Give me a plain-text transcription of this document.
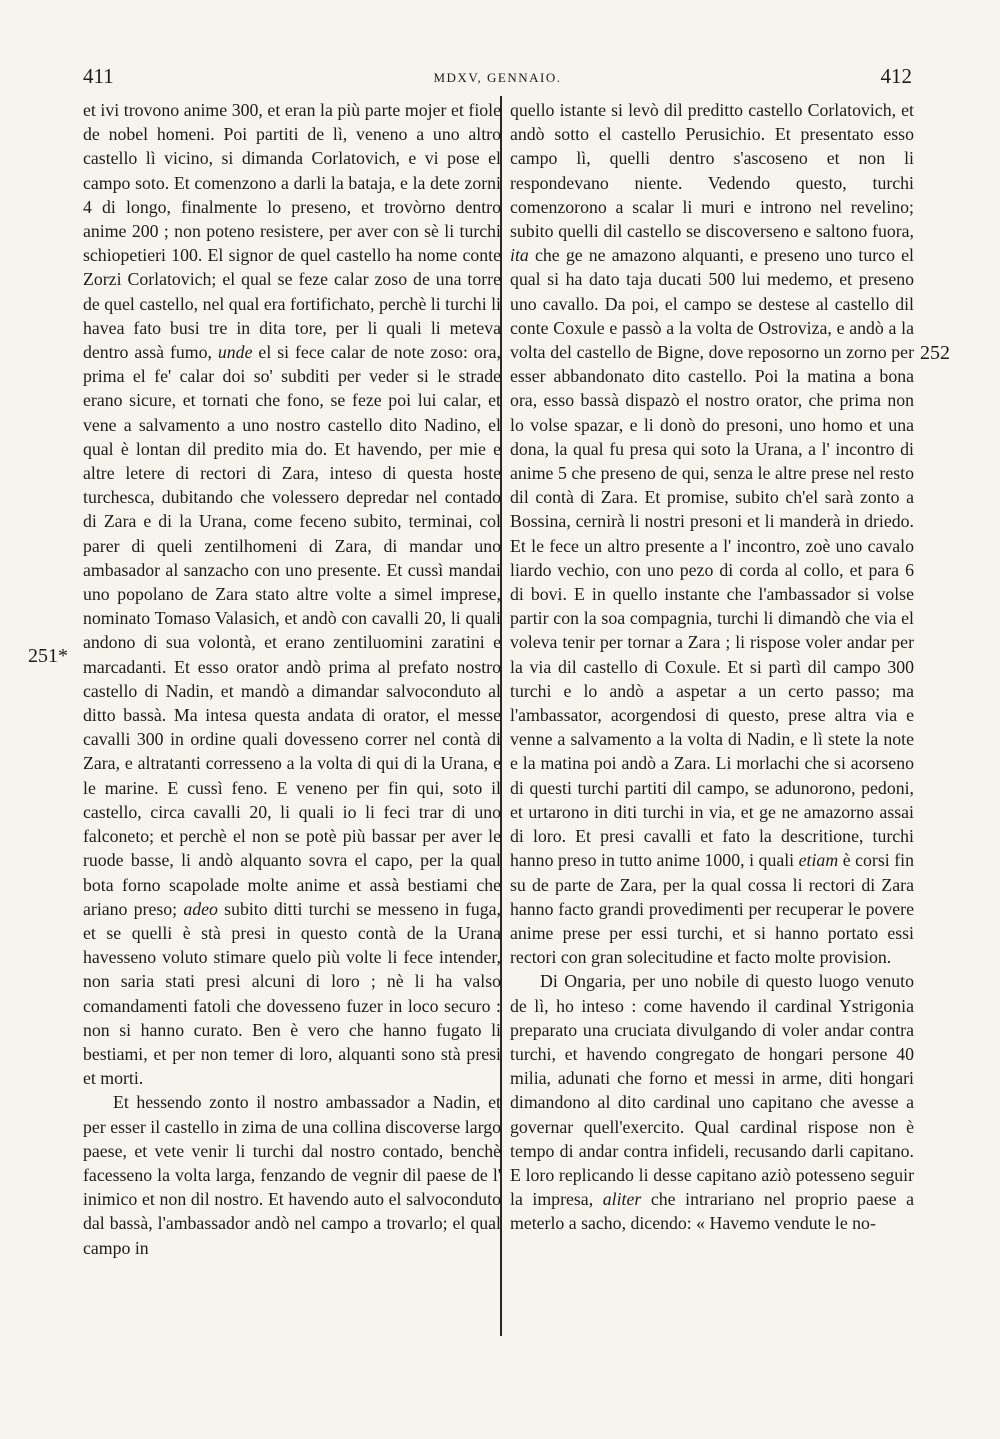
411	MDXV, GENNAIO.	412
251*
252

et ivi trovono anime 300, et eran la più parte mojer et fiole de nobel homeni. Poi partiti de lì, veneno a uno altro castello lì vicino, si dimanda Corlatovich, e vi pose el campo soto. Et comenzono a darli la bataja, e la dete zorni 4 di longo, finalmente lo preseno, et trovòrno dentro anime 200 ; non poteno resistere, per aver con sè li turchi schiopetieri 100. El signor de quel castello ha nome conte Zorzi Corlatovich; el qual se feze calar zoso de una torre de quel castello, nel qual era fortifichato, perchè li turchi li havea fato busi tre in dita tore, per li quali li meteva dentro assà fumo, unde el si fece calar de note zoso: ora, prima el fe' calar doi so' subditi per veder si le strade erano sicure, et tornati che fono, se feze poi lui calar, et vene a salvamento a uno nostro castello dito Nadino, el qual è lontan dil predito mia do. Et havendo, per mie e altre letere di rectori di Zara, inteso di questa hoste turchesca, dubitando che volessero depredar nel contado di Zara e di la Urana, come feceno subito, terminai, col parer di queli zentilhomeni di Zara, di mandar uno ambasador al sanzacho con uno presente. Et cussì mandai uno popolano de Zara stato altre volte a simel imprese, nominato Tomaso Valasich, et andò con cavalli 20, li quali andono di sua volontà, et erano zentiluomini zaratini e marcadanti. Et esso orator andò prima al prefato nostro castello di Nadin, et mandò a dimandar salvoconduto al ditto bassà. Ma intesa questa andata di orator, el messe cavalli 300 in ordine quali dovesseno correr nel contà di Zara, e altratanti corresseno a la volta di qui di la Urana, e le marine. E cussì feno. E veneno per fin qui, soto il castello, circa cavalli 20, li quali io li feci trar di uno falconeto; et perchè el non se potè più bassar per aver le ruode basse, li andò alquanto sovra el capo, per la qual bota forno scapolade molte anime et assà bestiami che ariano preso; adeo subito ditti turchi se messeno in fuga, et se quelli è stà presi in questo contà de la Urana havesseno voluto stimare quelo più volte li fece intender, non saria stati presi alcuni di loro ; nè li ha valso comandamenti fatoli che dovesseno fuzer in loco securo : non si hanno curato. Ben è vero che hanno fugato li bestiami, et per non temer di loro, alquanti sono stà presi et morti.

Et hessendo zonto il nostro ambassador a Nadin, et per esser il castello in zima de una collina discoverse largo paese, et vete venir li turchi dal nostro contado, benchè facesseno la volta larga, fenzando de vegnir dil paese de l' inimico et non dil nostro. Et havendo auto el salvoconduto dal bassà, l'ambassador andò nel campo a trovarlo; el qual campo in

quello istante si levò dil preditto castello Corlatovich, et andò sotto el castello Perusichio. Et presentato esso campo lì, quelli dentro s'ascoseno et non li respondevano niente. Vedendo questo, turchi comenzorono a scalar li muri e introno nel revelino; subito quelli dil castello se discoverseno e saltono fuora, ita che ge ne amazono alquanti, e preseno uno turco el qual si ha dato taja ducati 500 lui medemo, et preseno uno cavallo. Da poi, el campo se destese al castello dil conte Coxule e passò a la volta de Ostroviza, e andò a la volta del castello de Bigne, dove reposorno un zorno per esser abbandonato dito castello. Poi la matina a bona ora, esso bassà dispazò el nostro orator, che prima non lo volse spazar, e li donò do presoni, uno homo et una dona, la qual fu presa qui soto la Urana, a l' incontro di anime 5 che preseno de qui, senza le altre prese nel resto dil contà di Zara. Et promise, subito ch'el sarà zonto a Bossina, cernirà li nostri presoni et li manderà in driedo. Et le fece un altro presente a l' incontro, zoè uno cavalo liardo vechio, con uno pezo di corda al collo, et para 6 di bovi. E in quello instante che l'ambassador si volse partir con la soa compagnia, turchi li dimandò che via el voleva tenir per tornar a Zara ; li rispose voler andar per la via dil castello di Coxule. Et si partì dil campo 300 turchi e lo andò a aspetar a un certo passo; ma l'ambassator, acorgendosi di questo, prese altra via e venne a salvamento a la volta di Nadin, e lì stete la note e la matina poi andò a Zara. Li morlachi che si acorseno di questi turchi partiti dil campo, se adunorono, pedoni, et urtarono in diti turchi in via, et ge ne amazorno assai di loro. Et presi cavalli et fato la descritione, turchi hanno preso in tutto anime 1000, i quali etiam è corsi fin su de parte de Zara, per la qual cossa li rectori di Zara hanno facto grandi provedimenti per recuperar le povere anime prese per essi turchi, et si hanno portato essi rectori con gran solecitudine et facto molte provision.

Di Ongaria, per uno nobile di questo luogo venuto de lì, ho inteso : come havendo il cardinal Ystrigonia preparato una cruciata divulgando di voler andar contra turchi, et havendo congregato de hongari persone 40 milia, adunati che forno et messi in arme, diti hongari dimandono al dito cardinal uno capitano che avesse a governar quell'exercito. Qual cardinal rispose non è tempo di andar contra infideli, recusando darli capitano. E loro replicando li desse capitano aziò potesseno seguir la impresa, aliter che intrariano nel proprio paese a meterlo a sacho, dicendo: « Havemo vendute le no-
